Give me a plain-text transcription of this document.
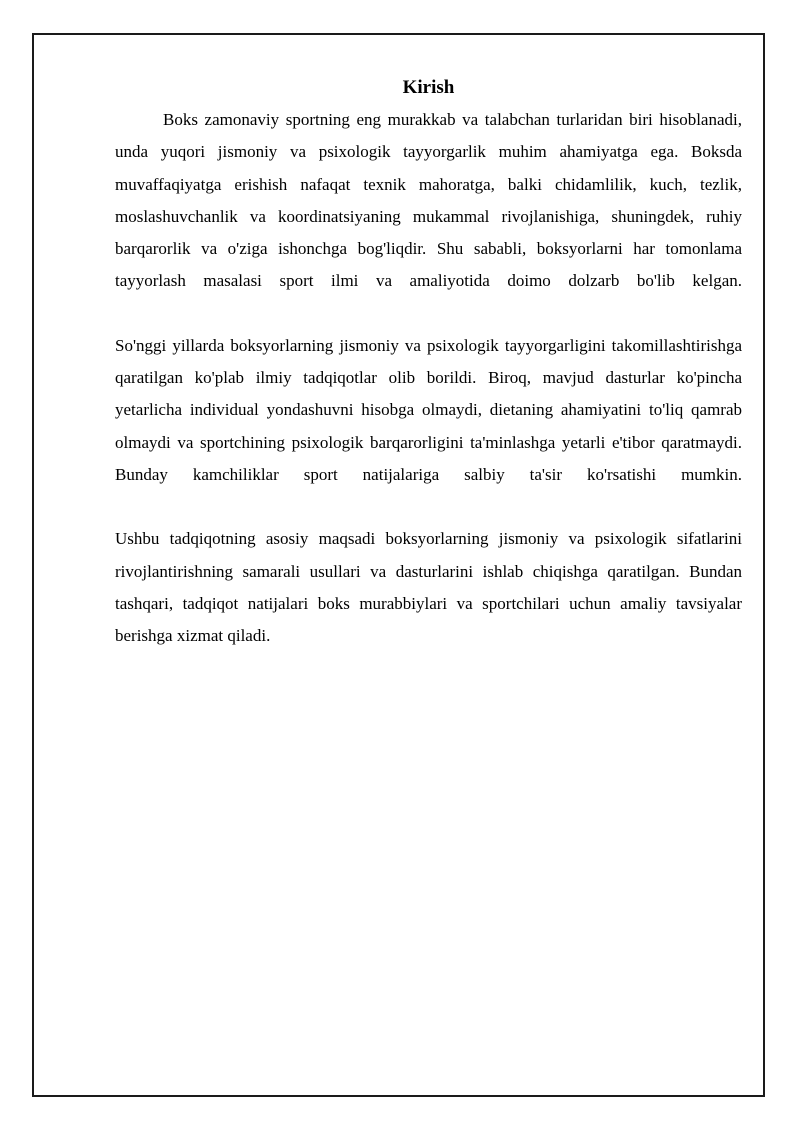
Kirish

Boks zamonaviy sportning eng murakkab va talabchan turlaridan biri hisoblanadi, unda yuqori jismoniy va psixologik tayyorgarlik muhim ahamiyatga ega. Boksda muvaffaqiyatga erishish nafaqat texnik mahoratga, balki chidamlilik, kuch, tezlik, moslashuvchanlik va koordinatsiyaning mukammal rivojlanishiga, shuningdek, ruhiy barqarorlik va o'ziga ishonchga bog'liqdir. Shu sababli, boksyorlarni har tomonlama tayyorlash masalasi sport ilmi va amaliyotida doimo dolzarb bo'lib kelgan.

So'nggi yillarda boksyorlarning jismoniy va psixologik tayyorgarligini takomillashtirishga qaratilgan ko'plab ilmiy tadqiqotlar olib borildi. Biroq, mavjud dasturlar ko'pincha yetarlicha individual yondashuvni hisobga olmaydi, dietaning ahamiyatini to'liq qamrab olmaydi va sportchining psixologik barqarorligini ta'minlashga yetarli e'tibor qaratmaydi. Bunday kamchiliklar sport natijalariga salbiy ta'sir ko'rsatishi mumkin.

Ushbu tadqiqotning asosiy maqsadi boksyorlarning jismoniy va psixologik sifatlarini rivojlantirishning samarali usullari va dasturlarini ishlab chiqishga qaratilgan. Bundan tashqari, tadqiqot natijalari boks murabbiylari va sportchilari uchun amaliy tavsiyalar berishga xizmat qiladi.
